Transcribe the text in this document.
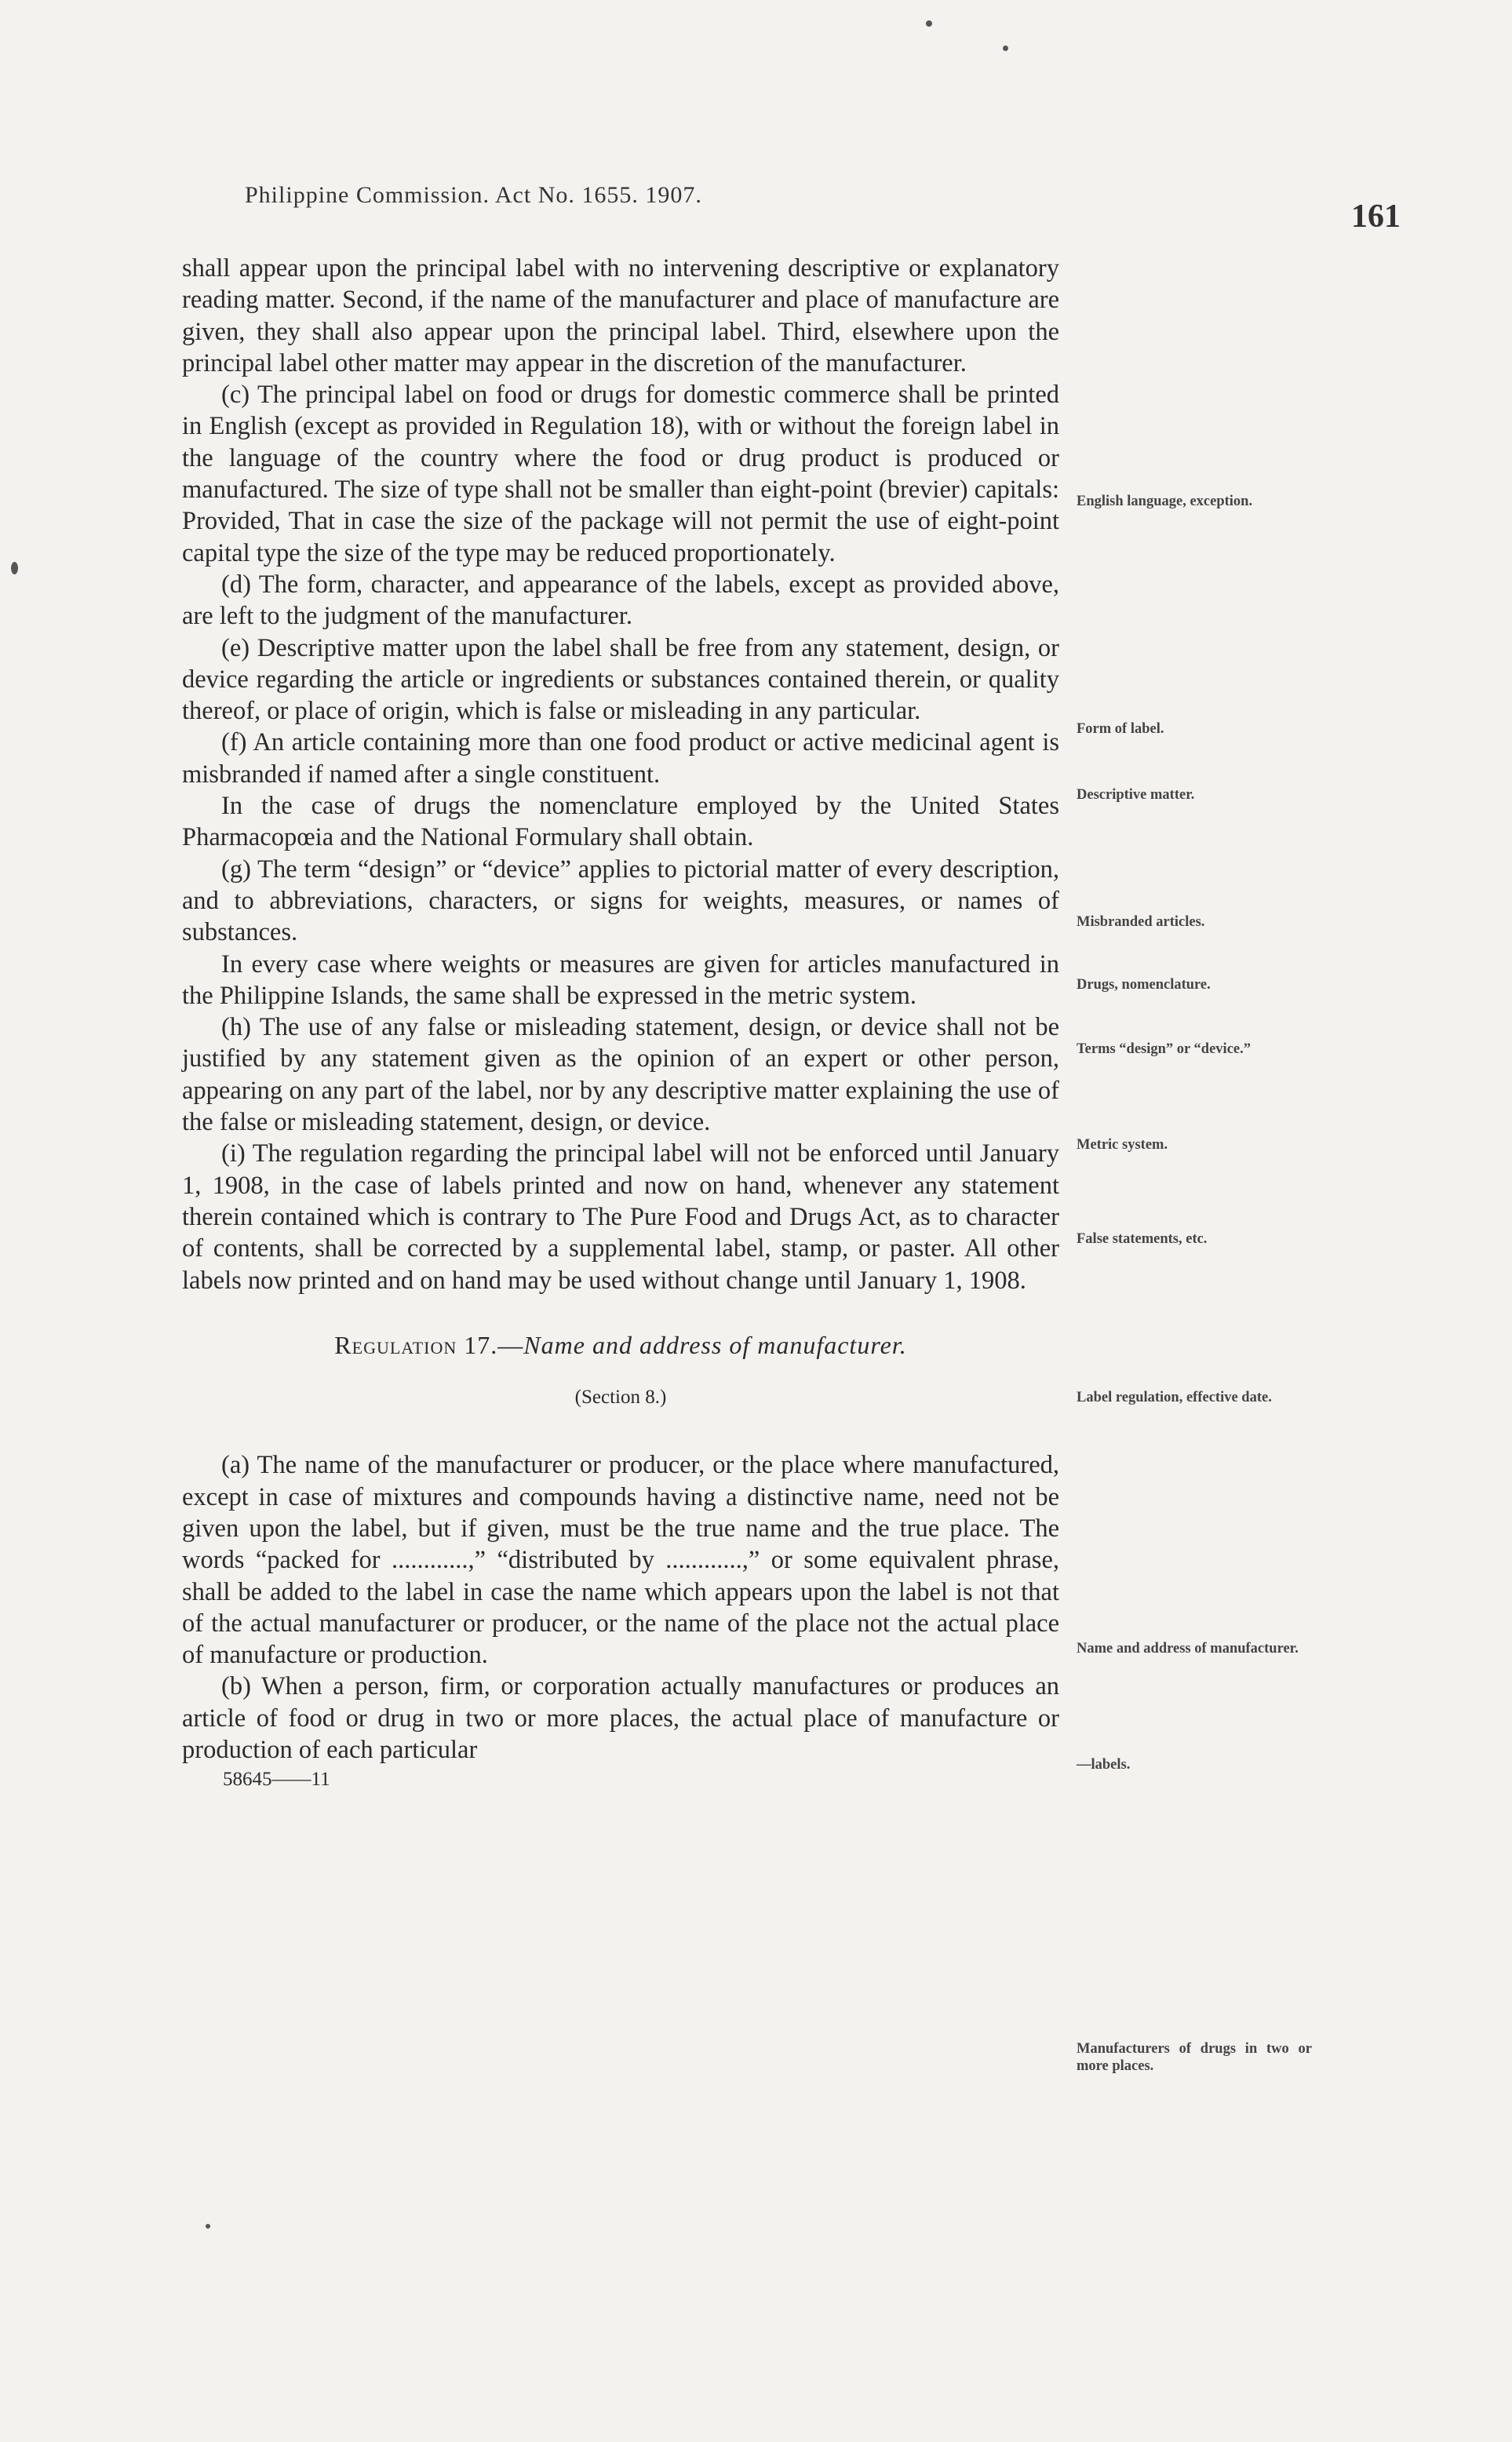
Philippine Commission. Act No. 1655. 1907.
161

shall appear upon the principal label with no intervening descriptive or explanatory reading matter. Second, if the name of the manufacturer and place of manufacture are given, they shall also appear upon the principal label. Third, elsewhere upon the principal label other matter may appear in the discretion of the manufacturer.

(c) The principal label on food or drugs for domestic commerce shall be printed in English (except as provided in Regulation 18), with or without the foreign label in the language of the country where the food or drug product is produced or manufactured. The size of type shall not be smaller than eight-point (brevier) capitals: Provided, That in case the size of the package will not permit the use of eight-point capital type the size of the type may be reduced proportionately.

(d) The form, character, and appearance of the labels, except as provided above, are left to the judgment of the manufacturer.

(e) Descriptive matter upon the label shall be free from any statement, design, or device regarding the article or ingredients or substances contained therein, or quality thereof, or place of origin, which is false or misleading in any particular.

(f) An article containing more than one food product or active medicinal agent is misbranded if named after a single constituent.

In the case of drugs the nomenclature employed by the United States Pharmacopœia and the National Formulary shall obtain.

(g) The term “design” or “device” applies to pictorial matter of every description, and to abbreviations, characters, or signs for weights, measures, or names of substances.

In every case where weights or measures are given for articles manufactured in the Philippine Islands, the same shall be expressed in the metric system.

(h) The use of any false or misleading statement, design, or device shall not be justified by any statement given as the opinion of an expert or other person, appearing on any part of the label, nor by any descriptive matter explaining the use of the false or misleading statement, design, or device.

(i) The regulation regarding the principal label will not be enforced until January 1, 1908, in the case of labels printed and now on hand, whenever any statement therein contained which is contrary to The Pure Food and Drugs Act, as to character of contents, shall be corrected by a supplemental label, stamp, or paster. All other labels now printed and on hand may be used without change until January 1, 1908.

Regulation 17.—Name and address of manufacturer.
(Section 8.)

(a) The name of the manufacturer or producer, or the place where manufactured, except in case of mixtures and compounds having a distinctive name, need not be given upon the label, but if given, must be the true name and the true place. The words “packed for ............,” “distributed by ............,” or some equivalent phrase, shall be added to the label in case the name which appears upon the label is not that of the actual manufacturer or producer, or the name of the place not the actual place of manufacture or production.

(b) When a person, firm, or corporation actually manufactures or produces an article of food or drug in two or more places, the actual place of manufacture or production of each particular

58645——11
English language, exception.
Form of label.
Descriptive matter.
Misbranded articles.
Drugs, nomenclature.
Terms “design” or “device.”
Metric system.
False statements, etc.
Label regulation, effective date.
Name and address of manufacturer.
—labels.
Manufacturers of drugs in two or more places.
